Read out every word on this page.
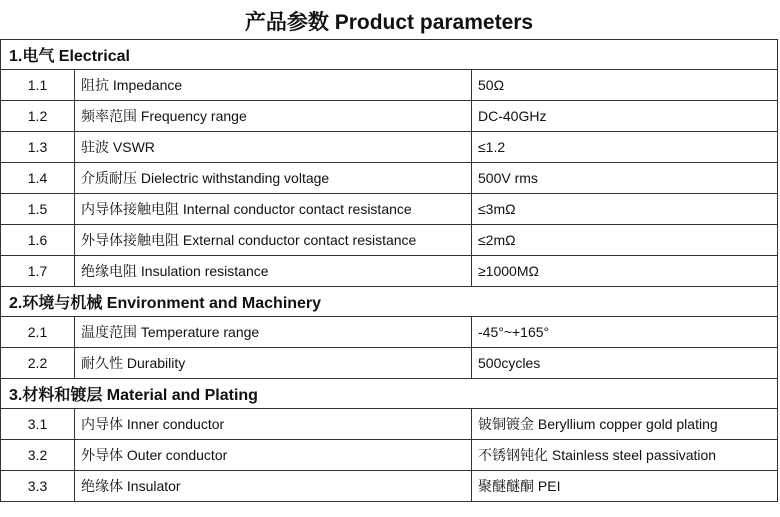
产品参数 Product parameters		
1.电气 Electrical		
1.1	阻抗 Impedance	50Ω
1.2	频率范围 Frequency range	DC-40GHz
1.3	驻波 VSWR	≤1.2
1.4	介质耐压 Dielectric withstanding voltage	500V rms
1.5	内导体接触电阻 Internal conductor contact resistance	≤3mΩ
1.6	外导体接触电阻 External conductor contact resistance	≤2mΩ
1.7	绝缘电阻 Insulation resistance	≥1000MΩ
2.环境与机械 Environment and Machinery		
2.1	温度范围 Temperature range	-45°~+165°
2.2	耐久性 Durability	500cycles
3.材料和镀层 Material and Plating		
3.1	内导体 Inner conductor	铍铜镀金 Beryllium copper gold plating
3.2	外导体 Outer conductor	不锈钢钝化 Stainless steel passivation
3.3	绝缘体 Insulator	聚醚醚酮 PEI
